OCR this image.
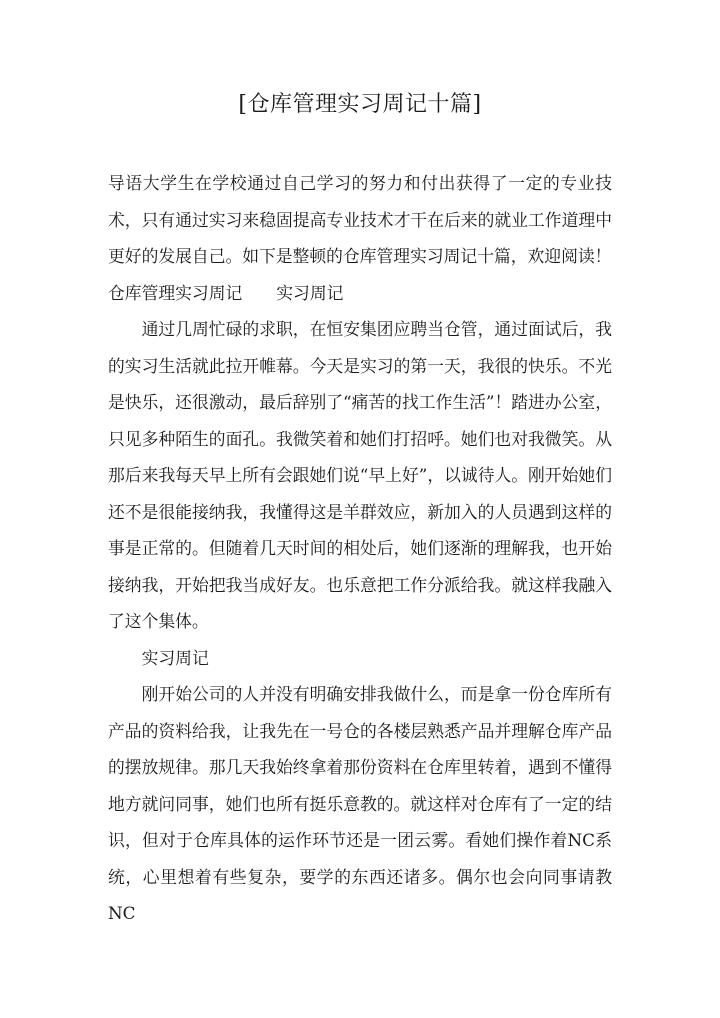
[仓库管理实习周记十篇]

导语大学生在学校通过自己学习的努力和付出获得了一定的专业技术，只有通过实习来稳固提高专业技术才干在后来的就业工作道理中更好的发展自己。如下是整顿的仓库管理实习周记十篇，欢迎阅读！

仓库管理实习周记 实习周记

通过几周忙碌的求职，在恒安集团应聘当仓管，通过面试后，我的实习生活就此拉开帷幕。今天是实习的第一天，我很的快乐。不光是快乐，还很激动，最后辞别了“痛苦的找工作生活”！踏进办公室，只见多种陌生的面孔。我微笑着和她们打招呼。她们也对我微笑。从那后来我每天早上所有会跟她们说“早上好”，以诚待人。刚开始她们还不是很能接纳我，我懂得这是羊群效应，新加入的人员遇到这样的事是正常的。但随着几天时间的相处后，她们逐渐的理解我，也开始接纳我，开始把我当成好友。也乐意把工作分派给我。就这样我融入了这个集体。

实习周记

刚开始公司的人并没有明确安排我做什么，而是拿一份仓库所有产品的资料给我，让我先在一号仓的各楼层熟悉产品并理解仓库产品的摆放规律。那几天我始终拿着那份资料在仓库里转着，遇到不懂得地方就问同事，她们也所有挺乐意教的。就这样对仓库有了一定的结识，但对于仓库具体的运作环节还是一团云雾。看她们操作着NC系统，心里想着有些复杂，要学的东西还诸多。偶尔也会向同事请教NC
